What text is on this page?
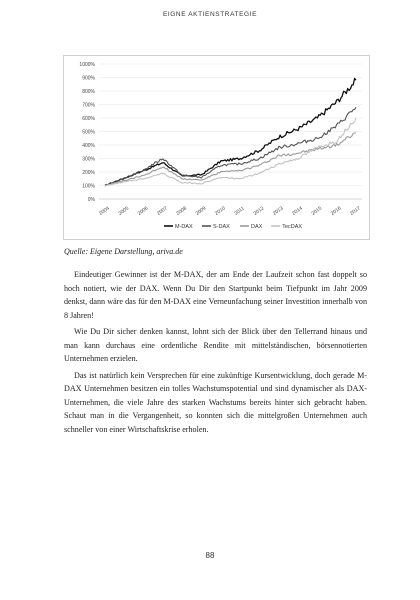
EIGNE AKTIENSTRATEGIE
0%
100%
200%
300%
400%
500%
600%
700%
800%
900%
1000%
2004 2005 2006 2007 2008 2009 2010 2011 2012 2013 2014 2015 2016 2017
M-DAX	S-DAX	DAX	TecDAX
Quelle: Eigene Darstellung, ariva.de

Eindeutiger Gewinner ist der M-DAX, der am Ende der Laufzeit schon fast doppelt so hoch notiert, wie der DAX. Wenn Du Dir den Startpunkt beim Tiefpunkt im Jahr 2009 denkst, dann wäre das für den M-DAX eine Verneunfachung seiner Investition innerhalb von 8 Jahren!

Wie Du Dir sicher denken kannst, lohnt sich der Blick über den Tellerrand hinaus und man kann durchaus eine ordentliche Rendite mit mittelständischen, börsennotierten Unternehmen erzielen.

Das ist natürlich kein Versprechen für eine zukünftige Kursentwicklung, doch gerade M-DAX Unternehmen besitzen ein tolles Wachstumspotential und sind dynamischer als DAX-Unternehmen, die viele Jahre des starken Wachstums bereits hinter sich gebracht haben. Schaut man in die Vergangenheit, so konnten sich die mittelgroßen Unternehmen auch schneller von einer Wirtschaftskrise erholen.

88
